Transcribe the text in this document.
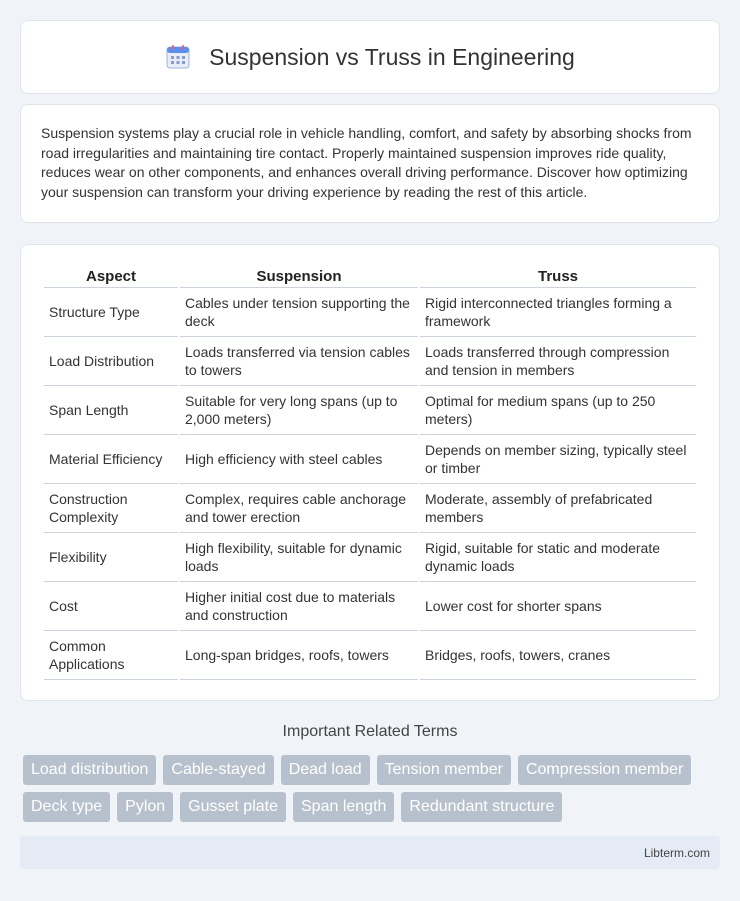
Suspension vs Truss in Engineering

Suspension systems play a crucial role in vehicle handling, comfort, and safety by absorbing shocks from road irregularities and maintaining tire contact. Properly maintained suspension improves ride quality, reduces wear on other components, and enhances overall driving performance. Discover how optimizing your suspension can transform your driving experience by reading the rest of this article.

Aspect	Suspension	Truss
Structure Type	Cables under tension supporting the deck	Rigid interconnected triangles forming a framework
Load Distribution	Loads transferred via tension cables to towers	Loads transferred through compression and tension in members
Span Length	Suitable for very long spans (up to 2,000 meters)	Optimal for medium spans (up to 250 meters)
Material Efficiency	High efficiency with steel cables	Depends on member sizing, typically steel or timber
Construction Complexity	Complex, requires cable anchorage and tower erection	Moderate, assembly of prefabricated members
Flexibility	High flexibility, suitable for dynamic loads	Rigid, suitable for static and moderate dynamic loads
Cost	Higher initial cost due to materials and construction	Lower cost for shorter spans
Common Applications	Long-span bridges, roofs, towers	Bridges, roofs, towers, cranes
Important Related Terms
Load distribution	Cable-stayed	Dead load	Tension member	Compression member
Deck type	Pylon	Gusset plate	Span length	Redundant structure
Libterm.com
